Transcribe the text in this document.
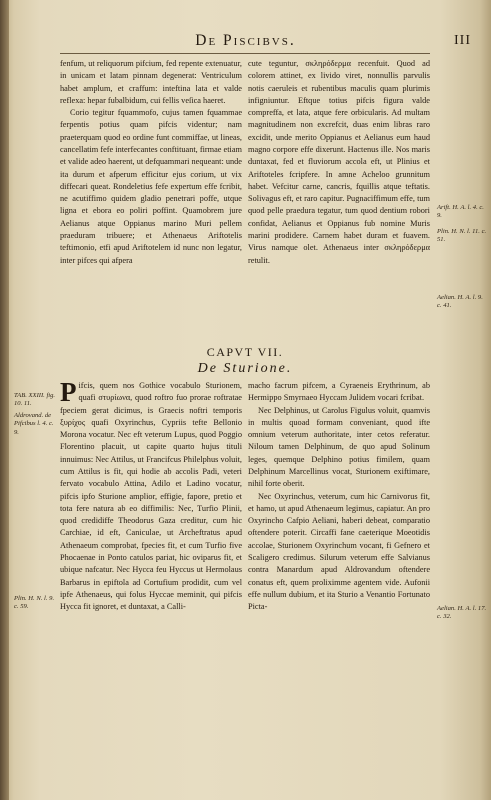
De Piscibvs.	III

fenfum, ut reliquorum pifcium, fed repente extenuatur, in unicam et latam pinnam degenerat: Ventriculum habet amplum, et craffum: inteftina lata et valde reflexa: hepar fubalbidum, cui fellis veſica haeret.

Corio tegitur fquammofo, cujus tamen fquammae ferpentis potius quam pifcis videntur; nam praeterquam quod eo ordine funt commiffae, ut lineas, cancellatim fefe interfecantes conftituant, firmae etiam et valide adeo haerent, ut defquammari nequeant: unde ita durum et afperum efficitur ejus corium, ut vix diffecari queat. Rondeletius fefe expertum effe fcribit, ne acutiffimo quidem gladio penetrari poffe, utque ligna et ebora eo poliri poffint. Quamobrem jure Aelianus atque Oppianus marino Muri pellem praeduram tribuere; et Athenaeus Ariftotelis teftimonio, etfi apud Ariftotelem id nunc non legatur, inter pifces qui afpera

cute teguntur, σκληρόδερμα recenfuit. Quod ad colorem attinet, ex livido viret, nonnullis parvulis notis caeruleis et rubentibus maculis quam plurimis infigniuntur. Eftque totius pifcis figura valde compreffa, et lata, atque fere orbicularis. Ad multam magnitudinem non excrefcit, duas enim libras raro excidit, unde merito Oppianus et Aelianus eum haud magno corpore effe dixerunt. Hactenus ille. Nos maris duntaxat, fed et fluviorum accola eft, ut Plinius et Ariftoteles fcripfere. In amne Acheloo grunnitum habet. Vefcitur carne, cancris, fquillis atque teftatis. Solivagus eft, et raro capitur. Pugnaciffimum effe, tum quod pelle praedura tegatur, tum quod dentium robori confidat, Aelianus et Oppianus fub nomine Muris marini prodidere. Carnem habet duram et fuavem. Virus namque olet. Athenaeus inter σκληρόδερμα retulit.

CAPVT VII.
De Sturione.
P ifcis, quem nos Gothice vocabulo Sturionem, quafi στυρίωνα, quod roftro fuo prorae roftratae fpeciem gerat dicimus, is Graecis noftri temporis ξυρίχος quafi Oxyrinchus, Cypriis tefte Bellonio Morona vocatur. Nec eft veterum Lupus, quod Poggio Florentino placuit, ut capite quarto hujus tituli innuimus: Nec Attilus, ut Francifcus Philelphus voluit, cum Attilus is fit, qui hodie ab accolis Padi, veteri fervato vocabulo Attina, Adilo et Ladino vocatur, pifcis ipfo Sturione amplior, effigie, fapore, pretio et tota fere natura ab eo diffimilis: Nec, Turfio Plinii, quod credidiffe Theodorus Gaza creditur, cum hic Carchiae, id eft, Caniculae, ut Archeftratus apud Athenaeum comprobat, fpecies fit, et cum Turfio five Phocaenae in Ponto catulos pariat, hic oviparus fit, et ubique nafcatur. Nec Hycca feu Hyccus ut Hermolaus Barbarus in epiftola ad Cortufium prodidit, cum vel ipfe Athenaeus, qui folus Hyccae meminit, qui pifcis Hycca fit ignoret, et duntaxat, a Calli-

macho facrum pifcem, a Cyraeneis Erythrinum, ab Hermippo Smyrnaeo Hyccam Julidem vocari fcribat.

Nec Delphinus, ut Carolus Figulus voluit, quamvis in multis quoad formam conveniant, quod ifte omnium veterum authoritate, inter cetos referatur. Niloum tamen Delphinum, de quo apud Solinum leges, quemque Delphino potius fimilem, quam Delphinum Marcellinus vocat, Sturionem exiftimare, nihil forte oberit.

Nec Oxyrinchus, veterum, cum hic Carnivorus fit, et hamo, ut apud Athenaeum legimus, capiatur. An pro Oxyrincho Cafpio Aeliani, haberi debeat, comparatio oftendere poterit. Circaffi fane caeterique Moeotidis accolae, Sturionem Oxyrinchum vocant, fi Gefnero et Scaligero credimus. Silurum veterum effe Salvianus contra Manardum apud Aldrovandum oftendere conatus eft, quem proliximme agentem vide. Aufonii effe nullum dubium, et ita Sturio a Venantio Fortunato Picta-

Arift. H. A. l. 4. c. 9.
Plin. H. N. l. 11. c. 51.
Aelian. H. A. l. 9. c. 41.
TAB. XXIII. fig. 10. 11.
Aldrovand. de Pifcibus l. 4. c. 9.
Plin. H. N. l. 9. c. 59.	Aelian. H. A. l. 17. c. 32.
